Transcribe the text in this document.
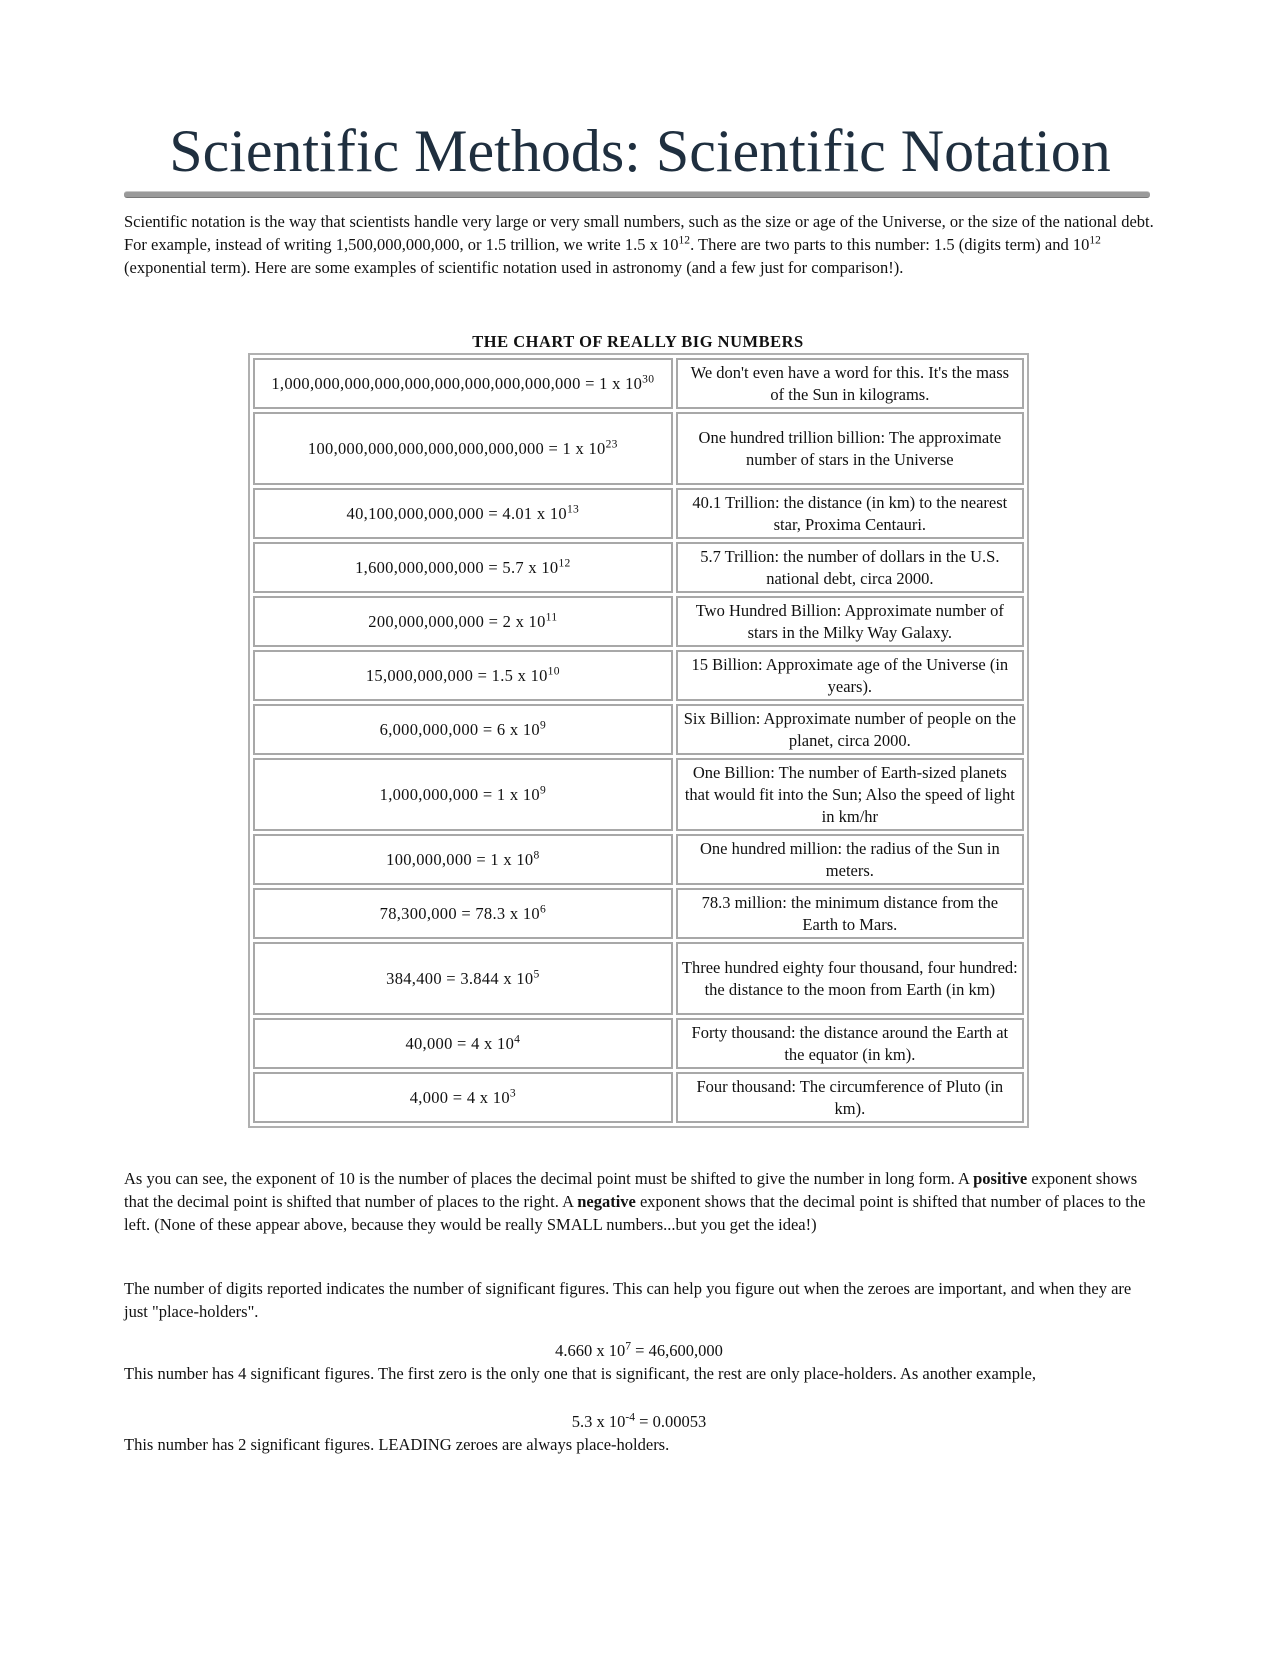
Scientific Methods: Scientific Notation

Scientific notation is the way that scientists handle very large or very small numbers, such as the size or age of the Universe, or the size of the national debt. For example, instead of writing 1,500,000,000,000, or 1.5 trillion, we write 1.5 x $10^{12}$. There are two parts to this number: 1.5 (digits term) and $10^{12}$ (exponential term). Here are some examples of scientific notation used in astronomy (and a few just for comparison!).

THE CHART OF REALLY BIG NUMBERS
1,000,000,000,000,000,000,000,000,000,000 = 1 x $10^{30}$	We don't even have a word for this. It's the mass of the Sun in kilograms.
100,000,000,000,000,000,000,000 = 1 x $10^{23}$	One hundred trillion billion: The approximate number of stars in the Universe
40,100,000,000,000 = 4.01 x $10^{13}$	40.1 Trillion: the distance (in km) to the nearest star, Proxima Centauri.
1,600,000,000,000 = 5.7 x $10^{12}$	5.7 Trillion: the number of dollars in the U.S. national debt, circa 2000.
200,000,000,000 = 2 x $10^{11}$	Two Hundred Billion: Approximate number of stars in the Milky Way Galaxy.
15,000,000,000 = 1.5 x $10^{10}$	15 Billion: Approximate age of the Universe (in years).
6,000,000,000 = 6 x $10^9$	Six Billion: Approximate number of people on the planet, circa 2000.
1,000,000,000 = 1 x $10^9$	One Billion: The number of Earth-sized planets that would fit into the Sun; Also the speed of light in km/hr
100,000,000 = 1 x $10^8$	One hundred million: the radius of the Sun in meters.
78,300,000 = 78.3 x $10^6$	78.3 million: the minimum distance from the Earth to Mars.
384,400 = 3.844 x $10^5$	Three hundred eighty four thousand, four hundred: the distance to the moon from Earth (in km)
40,000 = 4 x $10^4$	Forty thousand: the distance around the Earth at the equator (in km).
4,000 = 4 x $10^3$	Four thousand: The circumference of Pluto (in km).

As you can see, the exponent of 10 is the number of places the decimal point must be shifted to give the number in long form. A positive exponent shows that the decimal point is shifted that number of places to the right. A negative exponent shows that the decimal point is shifted that number of places to the left. (None of these appear above, because they would be really SMALL numbers...but you get the idea!)

The number of digits reported indicates the number of significant figures. This can help you figure out when the zeroes are important, and when they are just "place-holders".

4.660 x $10^7 = 46,600,000$

This number has 4 significant figures. The first zero is the only one that is significant, the rest are only place-holders. As another example,

5.3 x $10^{-4} = 0.00053$

This number has 2 significant figures. LEADING zeroes are always place-holders.
